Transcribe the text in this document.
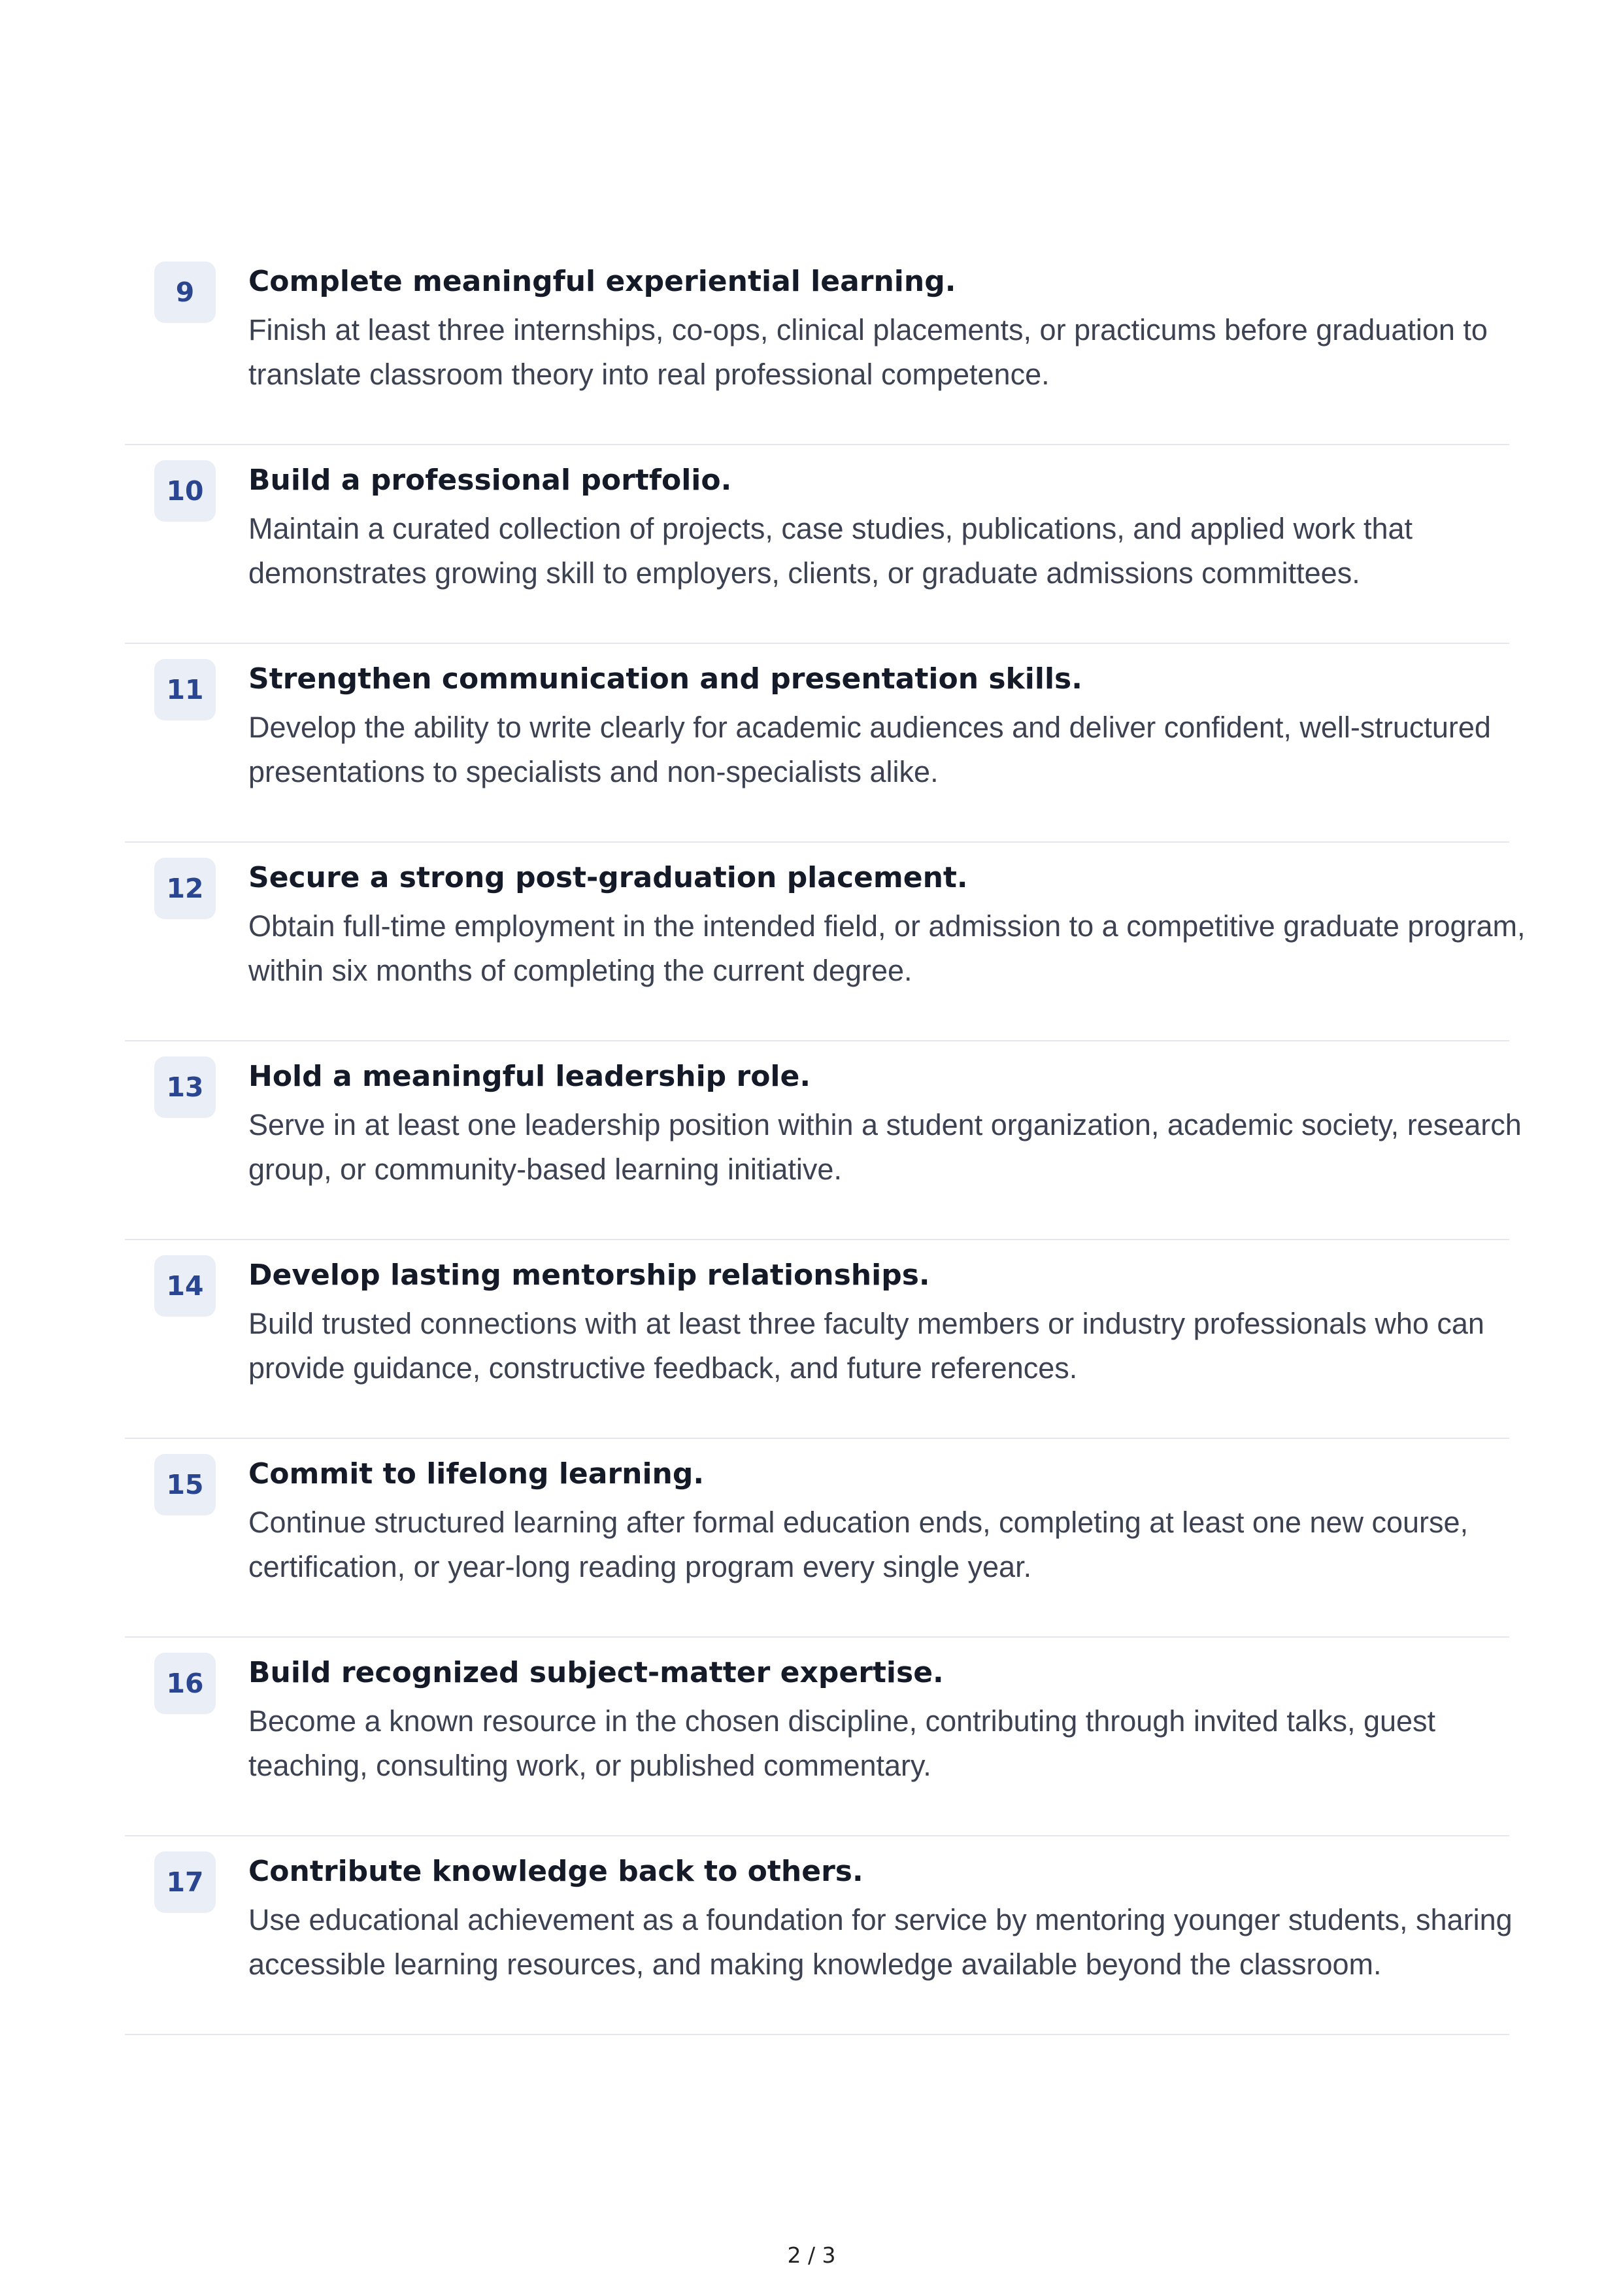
9	Complete meaningful experiential learning.

Finish at least three internships, co-ops, clinical placements, or practicums before graduation to
translate classroom theory into real professional competence.

10	Build a professional portfolio.

Maintain a curated collection of projects, case studies, publications, and applied work that
demonstrates growing skill to employers, clients, or graduate admissions committees.

11	Strengthen communication and presentation skills.

Develop the ability to write clearly for academic audiences and deliver confident, well-structured
presentations to specialists and non-specialists alike.

12	Secure a strong post-graduation placement.

Obtain full-time employment in the intended field, or admission to a competitive graduate program,
within six months of completing the current degree.

13	Hold a meaningful leadership role.

Serve in at least one leadership position within a student organization, academic society, research
group, or community-based learning initiative.

14	Develop lasting mentorship relationships.

Build trusted connections with at least three faculty members or industry professionals who can
provide guidance, constructive feedback, and future references.

15	Commit to lifelong learning.

Continue structured learning after formal education ends, completing at least one new course,
certification, or year-long reading program every single year.

16	Build recognized subject-matter expertise.

Become a known resource in the chosen discipline, contributing through invited talks, guest
teaching, consulting work, or published commentary.

17	Contribute knowledge back to others.

Use educational achievement as a foundation for service by mentoring younger students, sharing
accessible learning resources, and making knowledge available beyond the classroom.

2 / 3
